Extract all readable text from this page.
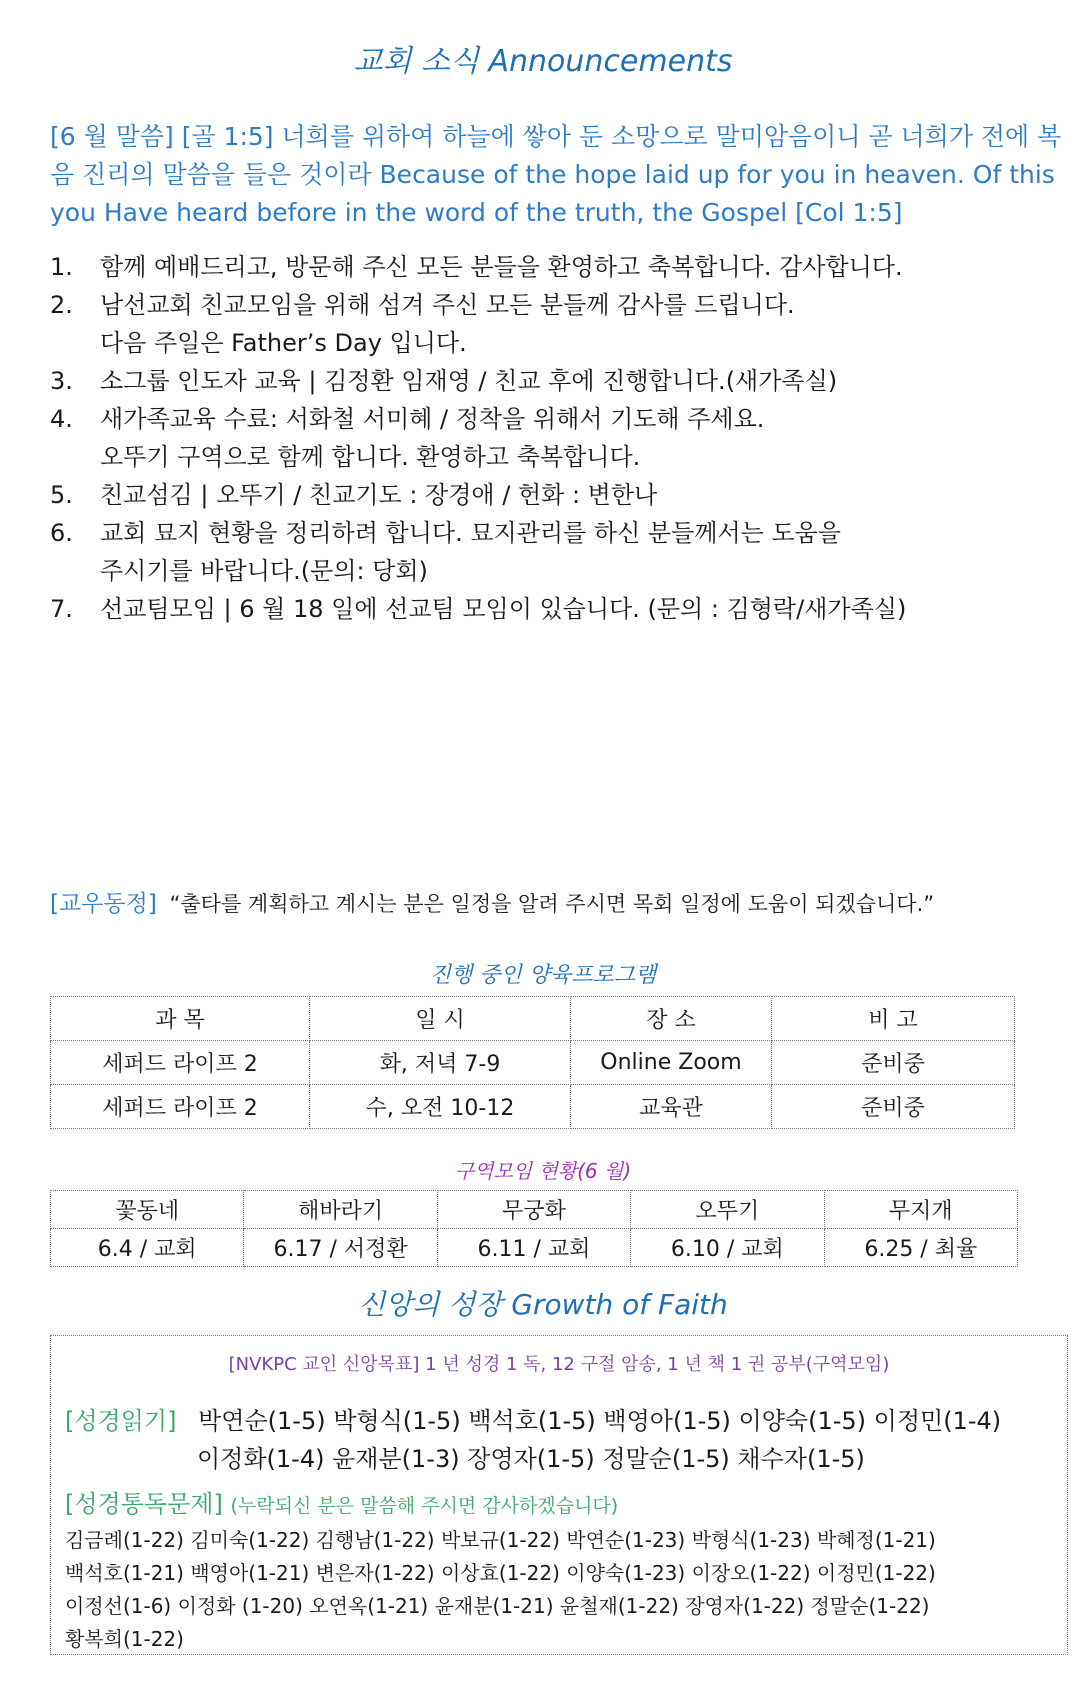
교회 소식 Announcements

[6 월 말씀] [골 1:5] 너희를 위하여 하늘에 쌓아 둔 소망으로 말미암음이니 곧 너희가 전에 복음 진리의 말씀을 들은 것이라 Because of the hope laid up for you in heaven. Of this you Have heard before in the word of the truth, the Gospel [Col 1:5]

1.	함께 예배드리고, 방문해 주신 모든 분들을 환영하고 축복합니다. 감사합니다.
2.	남선교회 친교모임을 위해 섬겨 주신 모든 분들께 감사를 드립니다.
다음 주일은 Father’s Day 입니다.
3.	소그룹 인도자 교육 | 김정환 임재영 / 친교 후에 진행합니다.(새가족실)
4.	새가족교육 수료: 서화철 서미혜 / 정착을 위해서 기도해 주세요.
오뚜기 구역으로 함께 합니다. 환영하고 축복합니다.
5.	친교섬김 | 오뚜기 / 친교기도 : 장경애 / 헌화 : 변한나
6.	교회 묘지 현황을 정리하려 합니다. 묘지관리를 하신 분들께서는 도움을
주시기를 바랍니다.(문의: 당회)
7.	선교팀모임 | 6 월 18 일에 선교팀 모임이 있습니다. (문의 : 김형락/새가족실)

[교우동정] “출타를 계획하고 계시는 분은 일정을 알려 주시면 목회 일정에 도움이 되겠습니다.”

진행 중인 양육프로그램
과 목	일 시	장 소	비 고
세퍼드 라이프 2	화, 저녁 7-9	Online Zoom	준비중
세퍼드 라이프 2	수, 오전 10-12	교육관	준비중
구역모임 현황(6 월)
꽃동네	해바라기	무궁화	오뚜기	무지개
6.4 / 교회	6.17 / 서정환	6.11 / 교회	6.10 / 교회	6.25 / 최율
신앙의 성장 Growth of Faith

[NVKPC 교인 신앙목표] 1 년 성경 1 독, 12 구절 암송, 1 년 책 1 권 공부(구역모임)

[성경읽기] 박연순(1-5) 박형식(1-5) 백석호(1-5) 백영아(1-5) 이양숙(1-5) 이정민(1-4)
이정화(1-4) 윤재분(1-3) 장영자(1-5) 정말순(1-5) 채수자(1-5)
[성경통독문제] (누락되신 분은 말씀해 주시면 감사하겠습니다)
김금례(1-22) 김미숙(1-22) 김행남(1-22) 박보규(1-22) 박연순(1-23) 박형식(1-23) 박혜정(1-21)
백석호(1-21) 백영아(1-21) 변은자(1-22) 이상효(1-22) 이양숙(1-23) 이장오(1-22) 이정민(1-22)
이정선(1-6) 이정화 (1-20) 오연옥(1-21) 윤재분(1-21) 윤철재(1-22) 장영자(1-22) 정말순(1-22)
황복희(1-22)
